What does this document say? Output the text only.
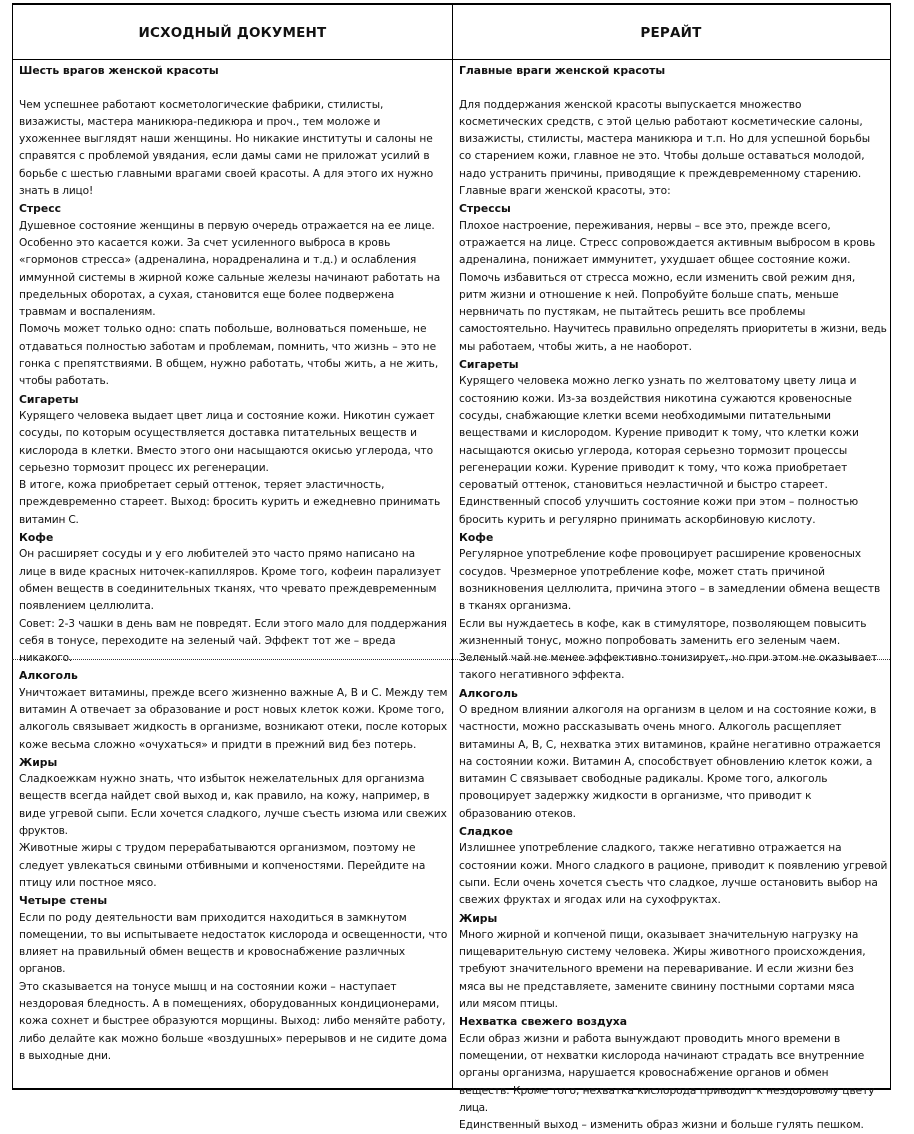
ИСХОДНЫЙ ДОКУМЕНТ	РЕРАЙТ
Шесть врагов женской красоты
Чем успешнее работают косметологические фабрики, стилисты,
визажисты, мастера маникюра-педикюра и проч., тем моложе и
ухоженнее выглядят наши женщины. Но никакие институты и салоны не
справятся с проблемой увядания, если дамы сами не приложат усилий в
борьбе с шестью главными врагами своей красоты. А для этого их нужно
знать в лицо!
Стресс
Душевное состояние женщины в первую очередь отражается на ее лице.
Особенно это касается кожи. За счет усиленного выброса в кровь
«гормонов стресса» (адреналина, норадреналина и т.д.) и ослабления
иммунной системы в жирной коже сальные железы начинают работать на
предельных оборотах, а сухая, становится еще более подвержена
травмам и воспалениям.
Помочь может только одно: спать побольше, волноваться поменьше, не
отдаваться полностью заботам и проблемам, помнить, что жизнь – это не
гонка с препятствиями. В общем, нужно работать, чтобы жить, а не жить,
чтобы работать.
Сигареты
Курящего человека выдает цвет лица и состояние кожи. Никотин сужает
сосуды, по которым осуществляется доставка питательных веществ и
кислорода в клетки. Вместо этого они насыщаются окисью углерода, что
серьезно тормозит процесс их регенерации.
В итоге, кожа приобретает серый оттенок, теряет эластичность,
преждевременно стареет. Выход: бросить курить и ежедневно принимать
витамин С.
Кофе
Он расширяет сосуды и у его любителей это часто прямо написано на
лице в виде красных ниточек-капилляров. Кроме того, кофеин парализует
обмен веществ в соединительных тканях, что чревато преждевременным
появлением целлюлита.
Совет: 2-3 чашки в день вам не повредят. Если этого мало для поддержания
себя в тонусе, переходите на зеленый чай. Эффект тот же – вреда
никакого.
Алкоголь
Уничтожает витамины, прежде всего жизненно важные А, В и С. Между тем
витамин А отвечает за образование и рост новых клеток кожи. Кроме того,
алкоголь связывает жидкость в организме, возникают отеки, после которых
коже весьма сложно «очухаться» и придти в прежний вид без потерь.
Жиры
Сладкоежкам нужно знать, что избыток нежелательных для организма
веществ всегда найдет свой выход и, как правило, на кожу, например, в
виде угревой сыпи. Если хочется сладкого, лучше съесть изюма или свежих
фруктов.
Животные жиры с трудом перерабатываются организмом, поэтому не
следует увлекаться свиными отбивными и копченостями. Перейдите на
птицу или постное мясо.
Четыре стены
Если по роду деятельности вам приходится находиться в замкнутом
помещении, то вы испытываете недостаток кислорода и освещенности, что
влияет на правильный обмен веществ и кровоснабжение различных
органов.
Это сказывается на тонусе мышц и на состоянии кожи – наступает
нездоровая бледность. А в помещениях, оборудованных кондиционерами,
кожа сохнет и быстрее образуются морщины. Выход: либо меняйте работу,
либо делайте как можно больше «воздушных» перерывов и не сидите дома
в выходные дни.
Главные враги женской красоты
Для поддержания женской красоты выпускается множество
косметических средств, с этой целью работают косметические салоны,
визажисты, стилисты, мастера маникюра и т.п. Но для успешной борьбы
со старением кожи, главное не это. Чтобы дольше оставаться молодой,
надо устранить причины, приводящие к преждевременному старению.
Главные враги женской красоты, это:
Стрессы
Плохое настроение, переживания, нервы – все это, прежде всего,
отражается на лице. Стресс сопровождается активным выбросом в кровь
адреналина, понижает иммунитет, ухудшает общее состояние кожи.
Помочь избавиться от стресса можно, если изменить свой режим дня,
ритм жизни и отношение к ней. Попробуйте больше спать, меньше
нервничать по пустякам, не пытайтесь решить все проблемы
самостоятельно. Научитесь правильно определять приоритеты в жизни, ведь
мы работаем, чтобы жить, а не наоборот.
Сигареты
Курящего человека можно легко узнать по желтоватому цвету лица и
состоянию кожи. Из-за воздействия никотина сужаются кровеносные
сосуды, снабжающие клетки всеми необходимыми питательными
веществами и кислородом. Курение приводит к тому, что клетки кожи
насыщаются окисью углерода, которая серьезно тормозит процессы
регенерации кожи. Курение приводит к тому, что кожа приобретает
сероватый оттенок, становиться неэластичной и быстро стареет.
Единственный способ улучшить состояние кожи при этом – полностью
бросить курить и регулярно принимать аскорбиновую кислоту.
Кофе
Регулярное употребление кофе провоцирует расширение кровеносных
сосудов. Чрезмерное употребление кофе, может стать причиной
возникновения целлюлита, причина этого – в замедлении обмена веществ
в тканях организма.
Если вы нуждаетесь в кофе, как в стимуляторе, позволяющем повысить
жизненный тонус, можно попробовать заменить его зеленым чаем.
Зеленый чай не менее эффективно тонизирует, но при этом не оказывает
такого негативного эффекта.
Алкоголь
О вредном влиянии алкоголя на организм в целом и на состояние кожи, в
частности, можно рассказывать очень много. Алкоголь расщепляет
витамины А, В, С, нехватка этих витаминов, крайне негативно отражается
на состоянии кожи. Витамин А, способствует обновлению клеток кожи, а
витамин С связывает свободные радикалы. Кроме того, алкоголь
провоцирует задержку жидкости в организме, что приводит к
образованию отеков.
Сладкое
Излишнее употребление сладкого, также негативно отражается на
состоянии кожи. Много сладкого в рационе, приводит к появлению угревой
сыпи. Если очень хочется съесть что сладкое, лучше остановить выбор на
свежих фруктах и ягодах или на сухофруктах.
Жиры
Много жирной и копченой пищи, оказывает значительную нагрузку на
пищеварительную систему человека. Жиры животного происхождения,
требуют значительного времени на переваривание. И если жизни без
мяса вы не представляете, замените свинину постными сортами мяса
или мясом птицы.
Нехватка свежего воздуха
Если образ жизни и работа вынуждают проводить много времени в
помещении, от нехватки кислорода начинают страдать все внутренние
органы организма, нарушается кровоснабжение органов и обмен
веществ. Кроме того, нехватка кислорода приводит к нездоровому цвету
лица.
Единственный выход – изменить образ жизни и больше гулять пешком.
